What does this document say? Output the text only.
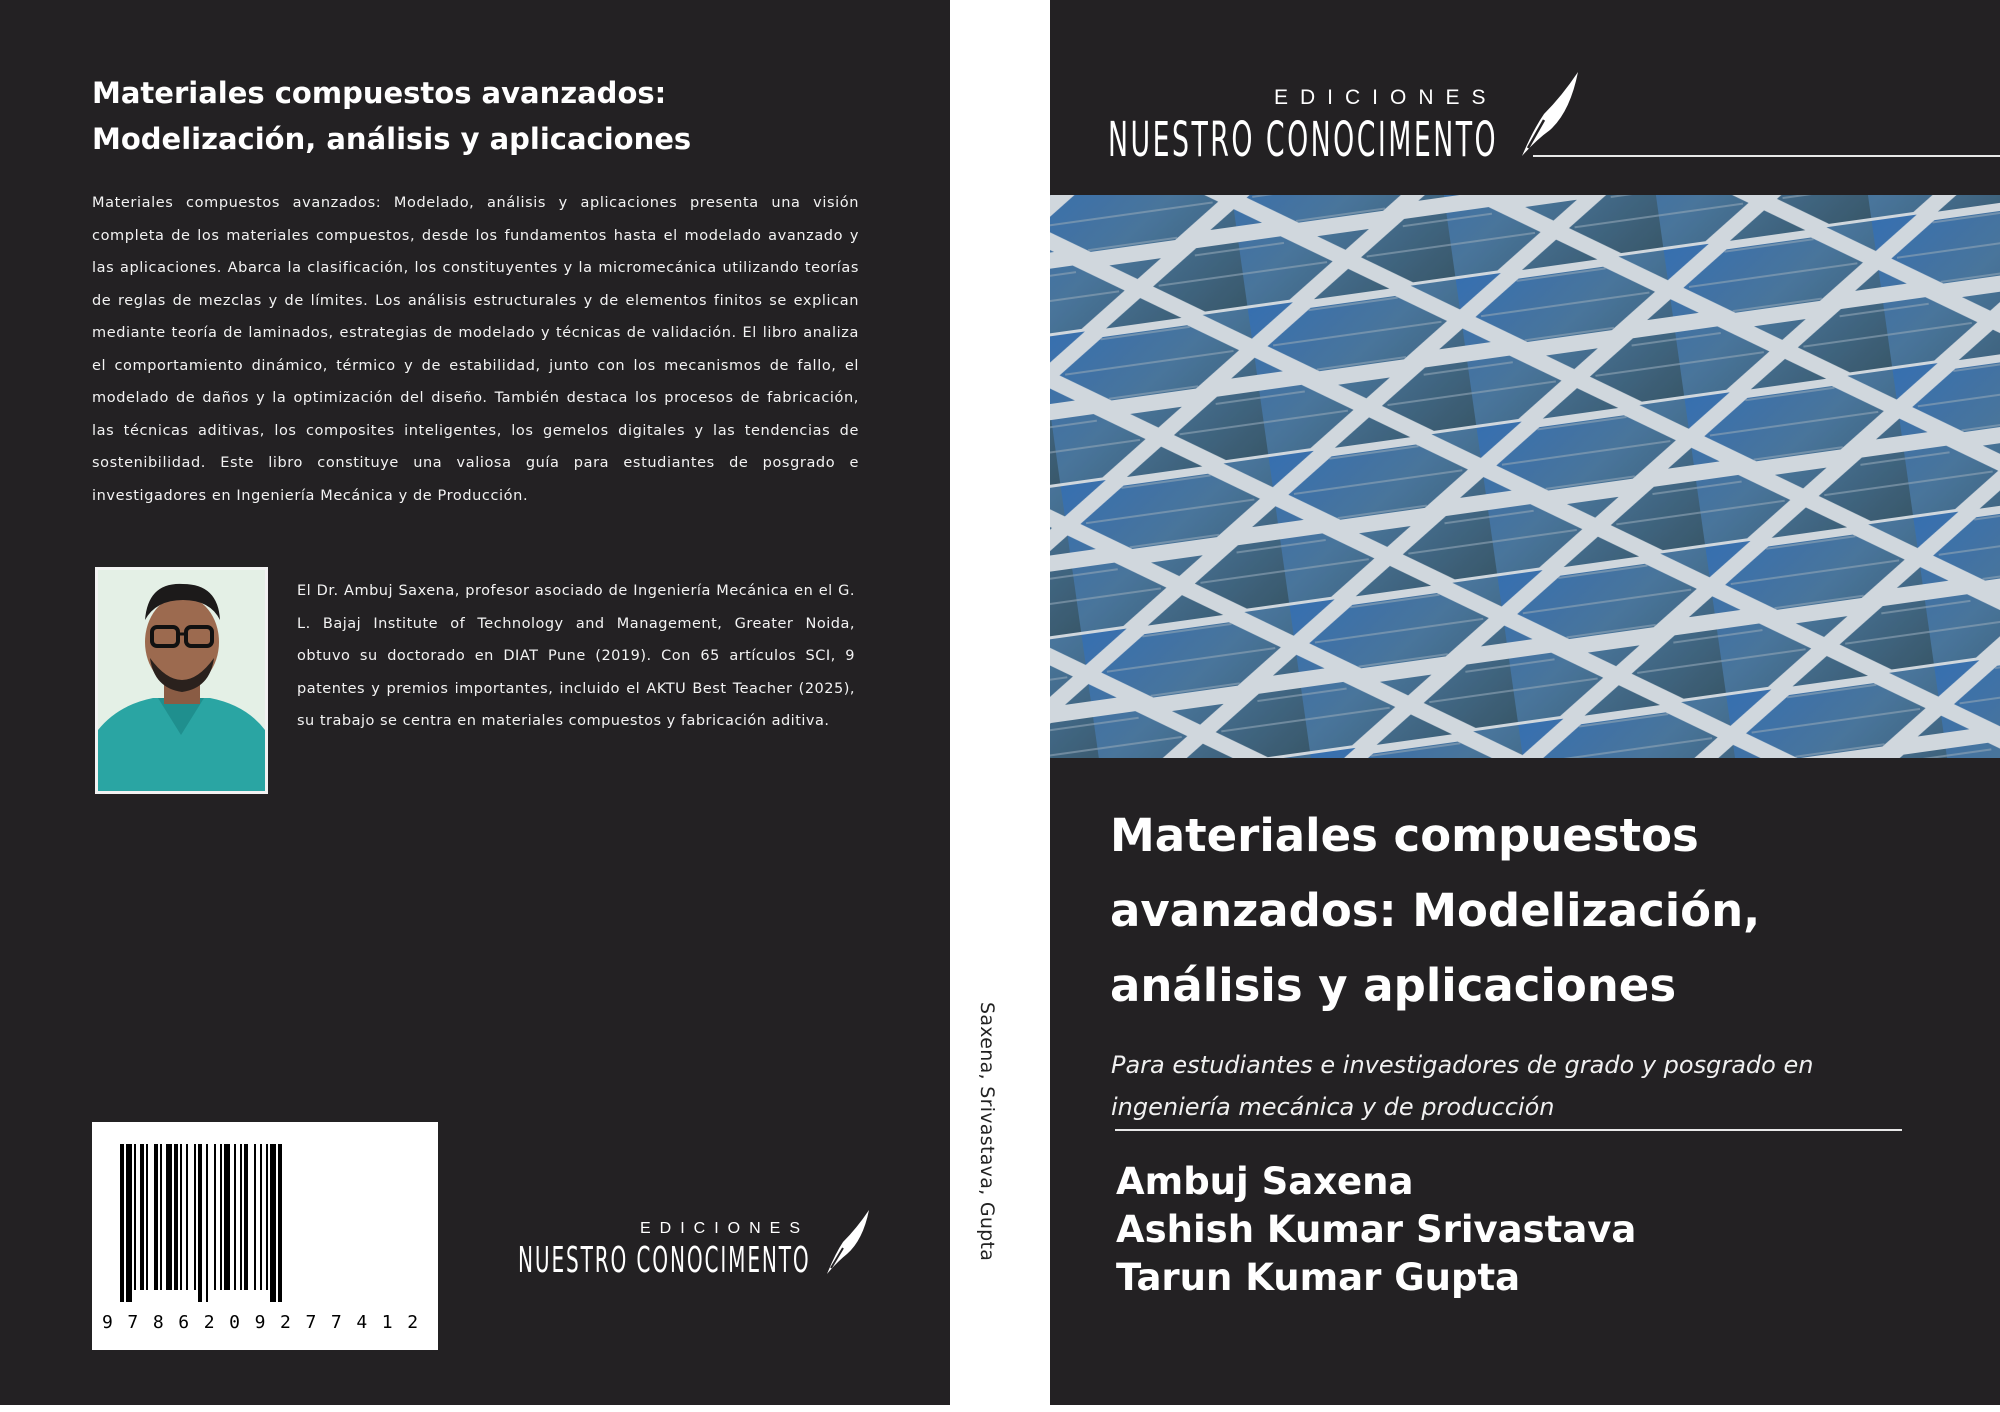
Materiales compuestos avanzados:
Modelización, análisis y aplicaciones
Materiales compuestos avanzados: Modelado, análisis y aplicaciones presenta una visión completa de los materiales compuestos, desde los fundamentos hasta el modelado avanzado y las aplicaciones. Abarca la clasificación, los constituyentes y la micromecánica utilizando teorías de reglas de mezclas y de límites. Los análisis estructurales y de elementos finitos se explican mediante teoría de laminados, estrategias de modelado y técnicas de validación. El libro analiza el comportamiento dinámico, térmico y de estabilidad, junto con los mecanismos de fallo, el modelado de daños y la optimización del diseño. También destaca los procesos de fabricación, las técnicas aditivas, los composites inteligentes, los gemelos digitales y las tendencias de sostenibilidad. Este libro constituye una valiosa guía para estudiantes de posgrado e investigadores en Ingeniería Mecánica y de Producción.
El Dr. Ambuj Saxena, profesor asociado de Ingeniería Mecánica en el G. L. Bajaj Institute of Technology and Management, Greater Noida, obtuvo su doctorado en DIAT Pune (2019). Con 65 artículos SCI, 9 patentes y premios importantes, incluido el AKTU Best Teacher (2025), su trabajo se centra en materiales compuestos y fabricación aditiva.
9786209277412
EDICIONES
NUESTRO CONOCIMENTO	Saxena, Srivastava, Gupta
EDICIONES
NUESTRO CONOCIMENTO
Materiales compuestos
avanzados: Modelización,
análisis y aplicaciones
Para estudiantes e investigadores de grado y posgrado en
ingeniería mecánica y de producción
Ambuj Saxena
Ashish Kumar Srivastava
Tarun Kumar Gupta
